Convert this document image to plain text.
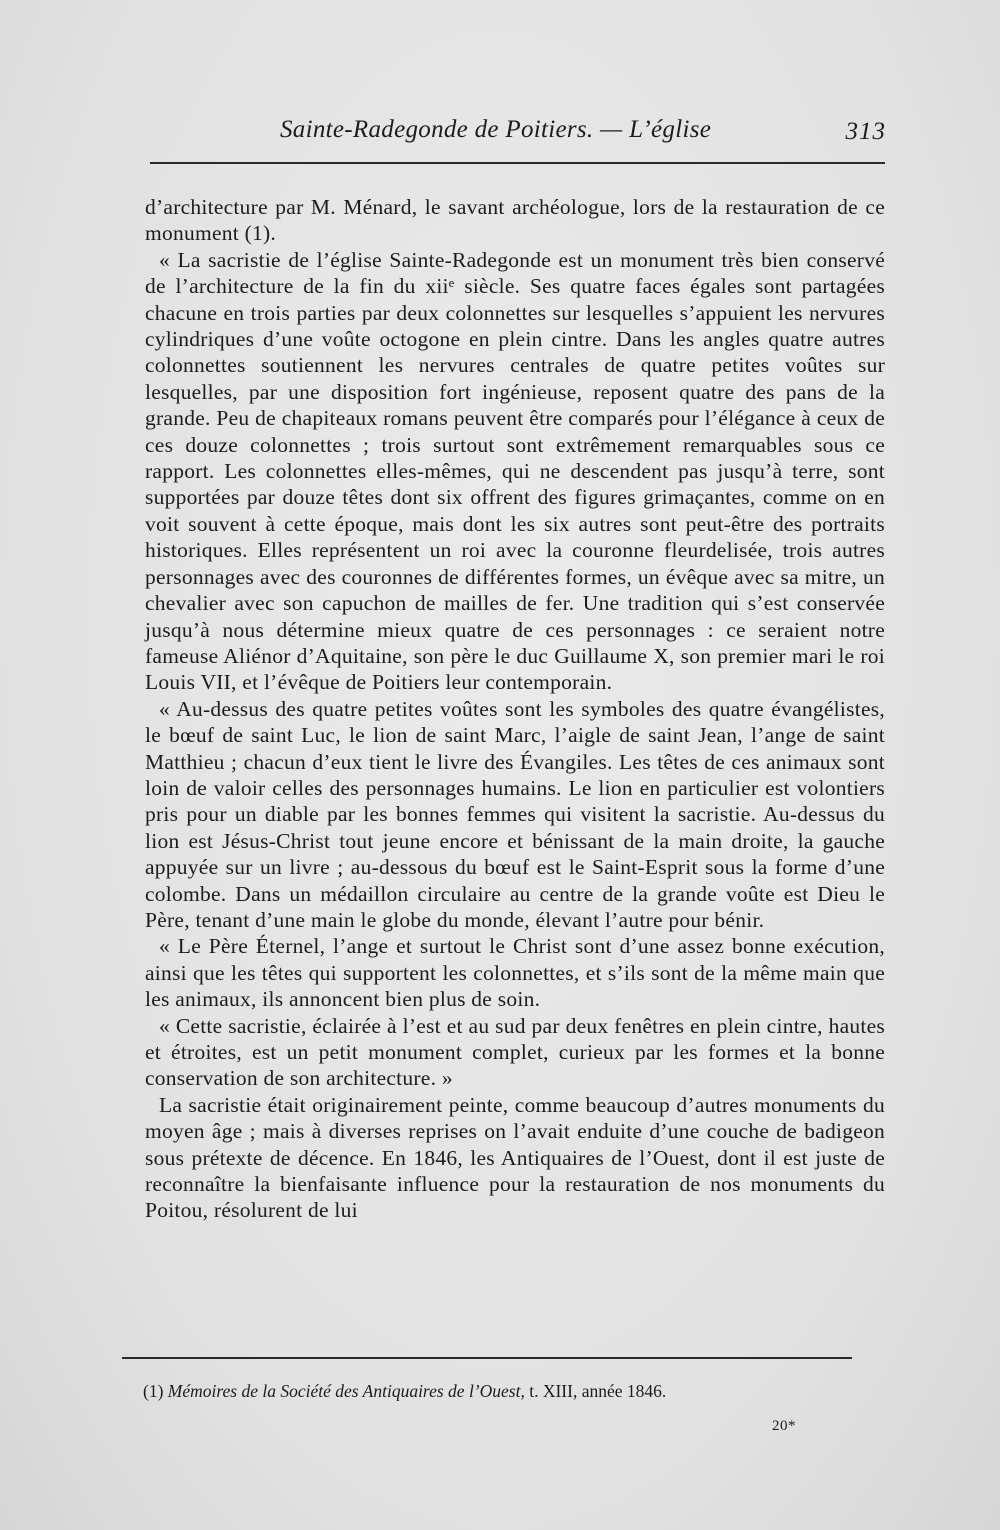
Sainte-Radegonde de Poitiers. — L’église	313

d’architecture par M. Ménard, le savant archéologue, lors de la restauration de ce monument (1).

« La sacristie de l’église Sainte-Radegonde est un monument très bien conservé de l’architecture de la fin du xiiᵉ siècle. Ses quatre faces égales sont partagées chacune en trois parties par deux colonnettes sur lesquelles s’appuient les nervures cylindriques d’une voûte octogone en plein cintre. Dans les angles quatre autres colonnettes soutiennent les nervures centrales de quatre petites voûtes sur lesquelles, par une disposition fort ingénieuse, reposent quatre des pans de la grande. Peu de chapiteaux romans peuvent être comparés pour l’élégance à ceux de ces douze colonnettes ; trois surtout sont extrêmement remarquables sous ce rapport. Les colonnettes elles-mêmes, qui ne descendent pas jusqu’à terre, sont supportées par douze têtes dont six offrent des figures grimaçantes, comme on en voit souvent à cette époque, mais dont les six autres sont peut-être des portraits historiques. Elles représentent un roi avec la couronne fleurdelisée, trois autres personnages avec des couronnes de différentes formes, un évêque avec sa mitre, un chevalier avec son capuchon de mailles de fer. Une tradition qui s’est conservée jusqu’à nous détermine mieux quatre de ces personnages : ce seraient notre fameuse Aliénor d’Aquitaine, son père le duc Guillaume X, son premier mari le roi Louis VII, et l’évêque de Poitiers leur contemporain.

« Au-dessus des quatre petites voûtes sont les symboles des quatre évangélistes, le bœuf de saint Luc, le lion de saint Marc, l’aigle de saint Jean, l’ange de saint Matthieu ; chacun d’eux tient le livre des Évangiles. Les têtes de ces animaux sont loin de valoir celles des personnages humains. Le lion en particulier est volontiers pris pour un diable par les bonnes femmes qui visitent la sacristie. Au-dessus du lion est Jésus-Christ tout jeune encore et bénissant de la main droite, la gauche appuyée sur un livre ; au-dessous du bœuf est le Saint-Esprit sous la forme d’une colombe. Dans un médaillon circulaire au centre de la grande voûte est Dieu le Père, tenant d’une main le globe du monde, élevant l’autre pour bénir.

« Le Père Éternel, l’ange et surtout le Christ sont d’une assez bonne exécution, ainsi que les têtes qui supportent les colonnettes, et s’ils sont de la même main que les animaux, ils annoncent bien plus de soin.

« Cette sacristie, éclairée à l’est et au sud par deux fenêtres en plein cintre, hautes et étroites, est un petit monument complet, curieux par les formes et la bonne conservation de son architecture. »

La sacristie était originairement peinte, comme beaucoup d’autres monuments du moyen âge ; mais à diverses reprises on l’avait enduite d’une couche de badigeon sous prétexte de décence. En 1846, les Antiquaires de l’Ouest, dont il est juste de reconnaître la bienfaisante influence pour la restauration de nos monuments du Poitou, résolurent de lui

(1) Mémoires de la Société des Antiquaires de l’Ouest, t. XIII, année 1846.
20*
